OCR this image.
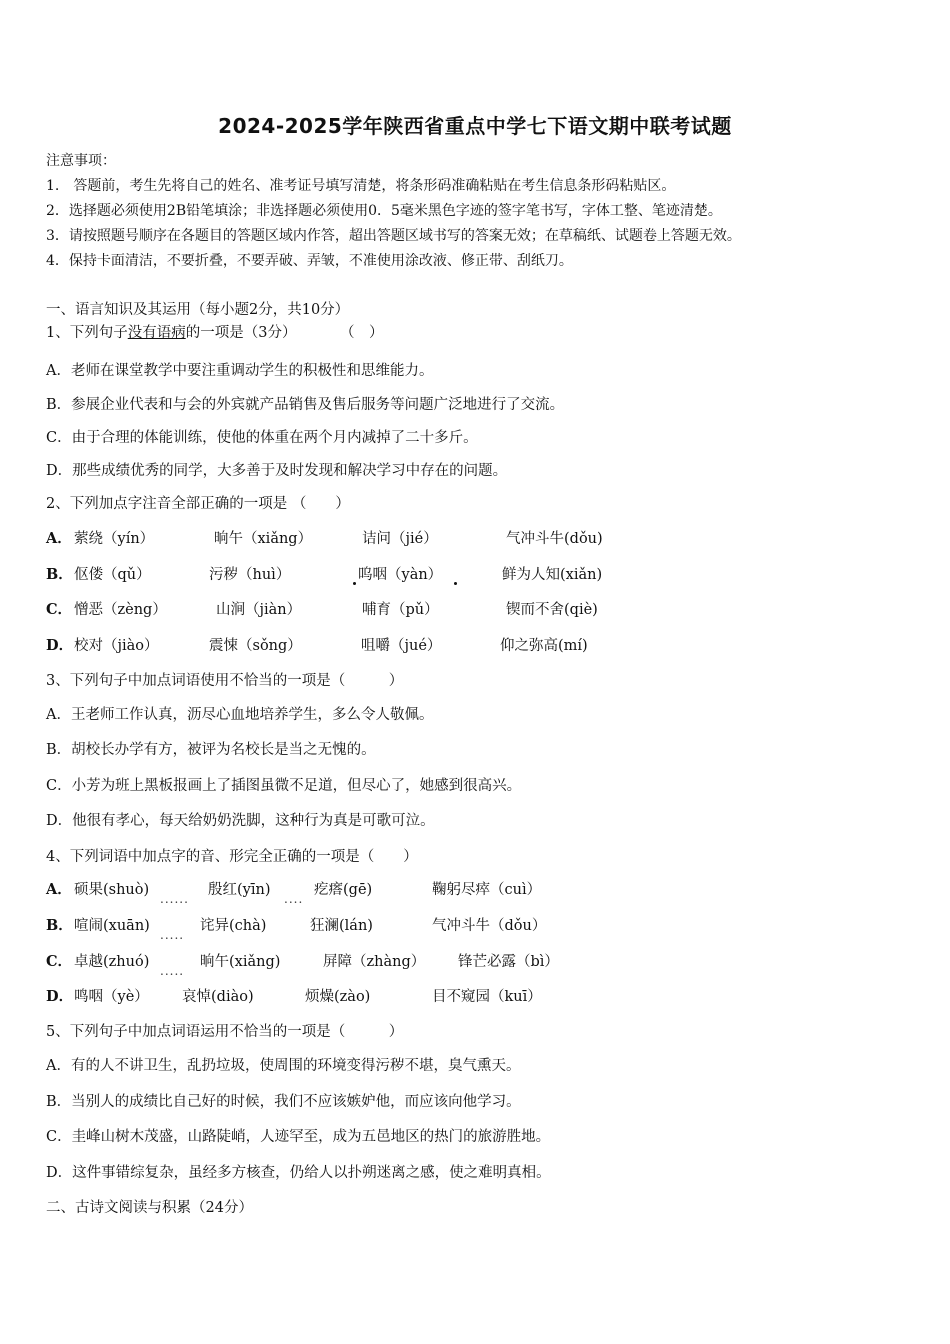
2024-2025学年陕西省重点中学七下语文期中联考试题
注意事项：
1.　答题前，考生先将自己的姓名、准考证号填写清楚，将条形码准确粘贴在考生信息条形码粘贴区。
2．选择题必须使用2B铅笔填涂；非选择题必须使用0．5毫米黑色字迹的签字笔书写，字体工整、笔迹清楚。
3．请按照题号顺序在各题目的答题区域内作答，超出答题区域书写的答案无效；在草稿纸、试题卷上答题无效。
4．保持卡面清洁，不要折叠，不要弄破、弄皱，不准使用涂改液、修正带、刮纸刀。
一、语言知识及其运用（每小题2分，共10分）
1、下列句子没有语病的一项是（3分）　　　　（　）
A．老师在课堂教学中要注重调动学生的积极性和思维能力。
B．参展企业代表和与会的外宾就产品销售及售后服务等问题广泛地进行了交流。
C．由于合理的体能训练，使他的体重在两个月内减掉了二十多斤。
D．那些成绩优秀的同学，大多善于及时发现和解决学习中存在的问题。
2、下列加点字注音全部正确的一项是 （　　）
A． 萦绕（yín）	晌午（xiǎng）	诘问（jié）	气冲斗牛(dǒu)
B． 伛偻（qǔ）	污秽（huì）	呜咽（yàn）	鲜为人知(xiǎn)
C． 憎恶（zèng）	山涧（jiàn）	哺育（pǔ）	锲而不舍(qiè)
D． 校对（jiào）	震悚（sǒng）	咀嚼（jué）	仰之弥高(mí)
3、下列句子中加点词语使用不恰当的一项是（　　　）
A．王老师工作认真，沥尽心血地培养学生，多么令人敬佩。
B．胡校长办学有方，被评为名校长是当之无愧的。
C．小芳为班上黑板报画上了插图虽微不足道，但尽心了，她感到很高兴。
D．他很有孝心，每天给奶奶洗脚，这种行为真是可歌可泣。
4、下列词语中加点字的音、形完全正确的一项是（　　）
A． 硕果(shuò)	殷红(yīn)	疙瘩(gē)	鞠躬尽瘁（cuì）
......	....
B． 喧闹(xuān)	诧异(chà)	狂澜(lán)	气冲斗牛（dǒu）
.....
C． 卓越(zhuó)	晌午(xiǎng)	屏障（zhàng） 锋芒必露（bì）
.....
D． 鸣咽（yè） 哀悼(diào)	烦燥(zào)	目不窥园（kuī）
5、下列句子中加点词语运用不恰当的一项是（　　　）
A．有的人不讲卫生，乱扔垃圾，使周围的环境变得污秽不堪，臭气熏天。
B．当别人的成绩比自己好的时候，我们不应该嫉妒他，而应该向他学习。
C．圭峰山树木茂盛，山路陡峭，人迹罕至，成为五邑地区的热门的旅游胜地。
D．这件事错综复杂，虽经多方核查，仍给人以扑朔迷离之感，使之难明真相。
二、古诗文阅读与积累（24分）
